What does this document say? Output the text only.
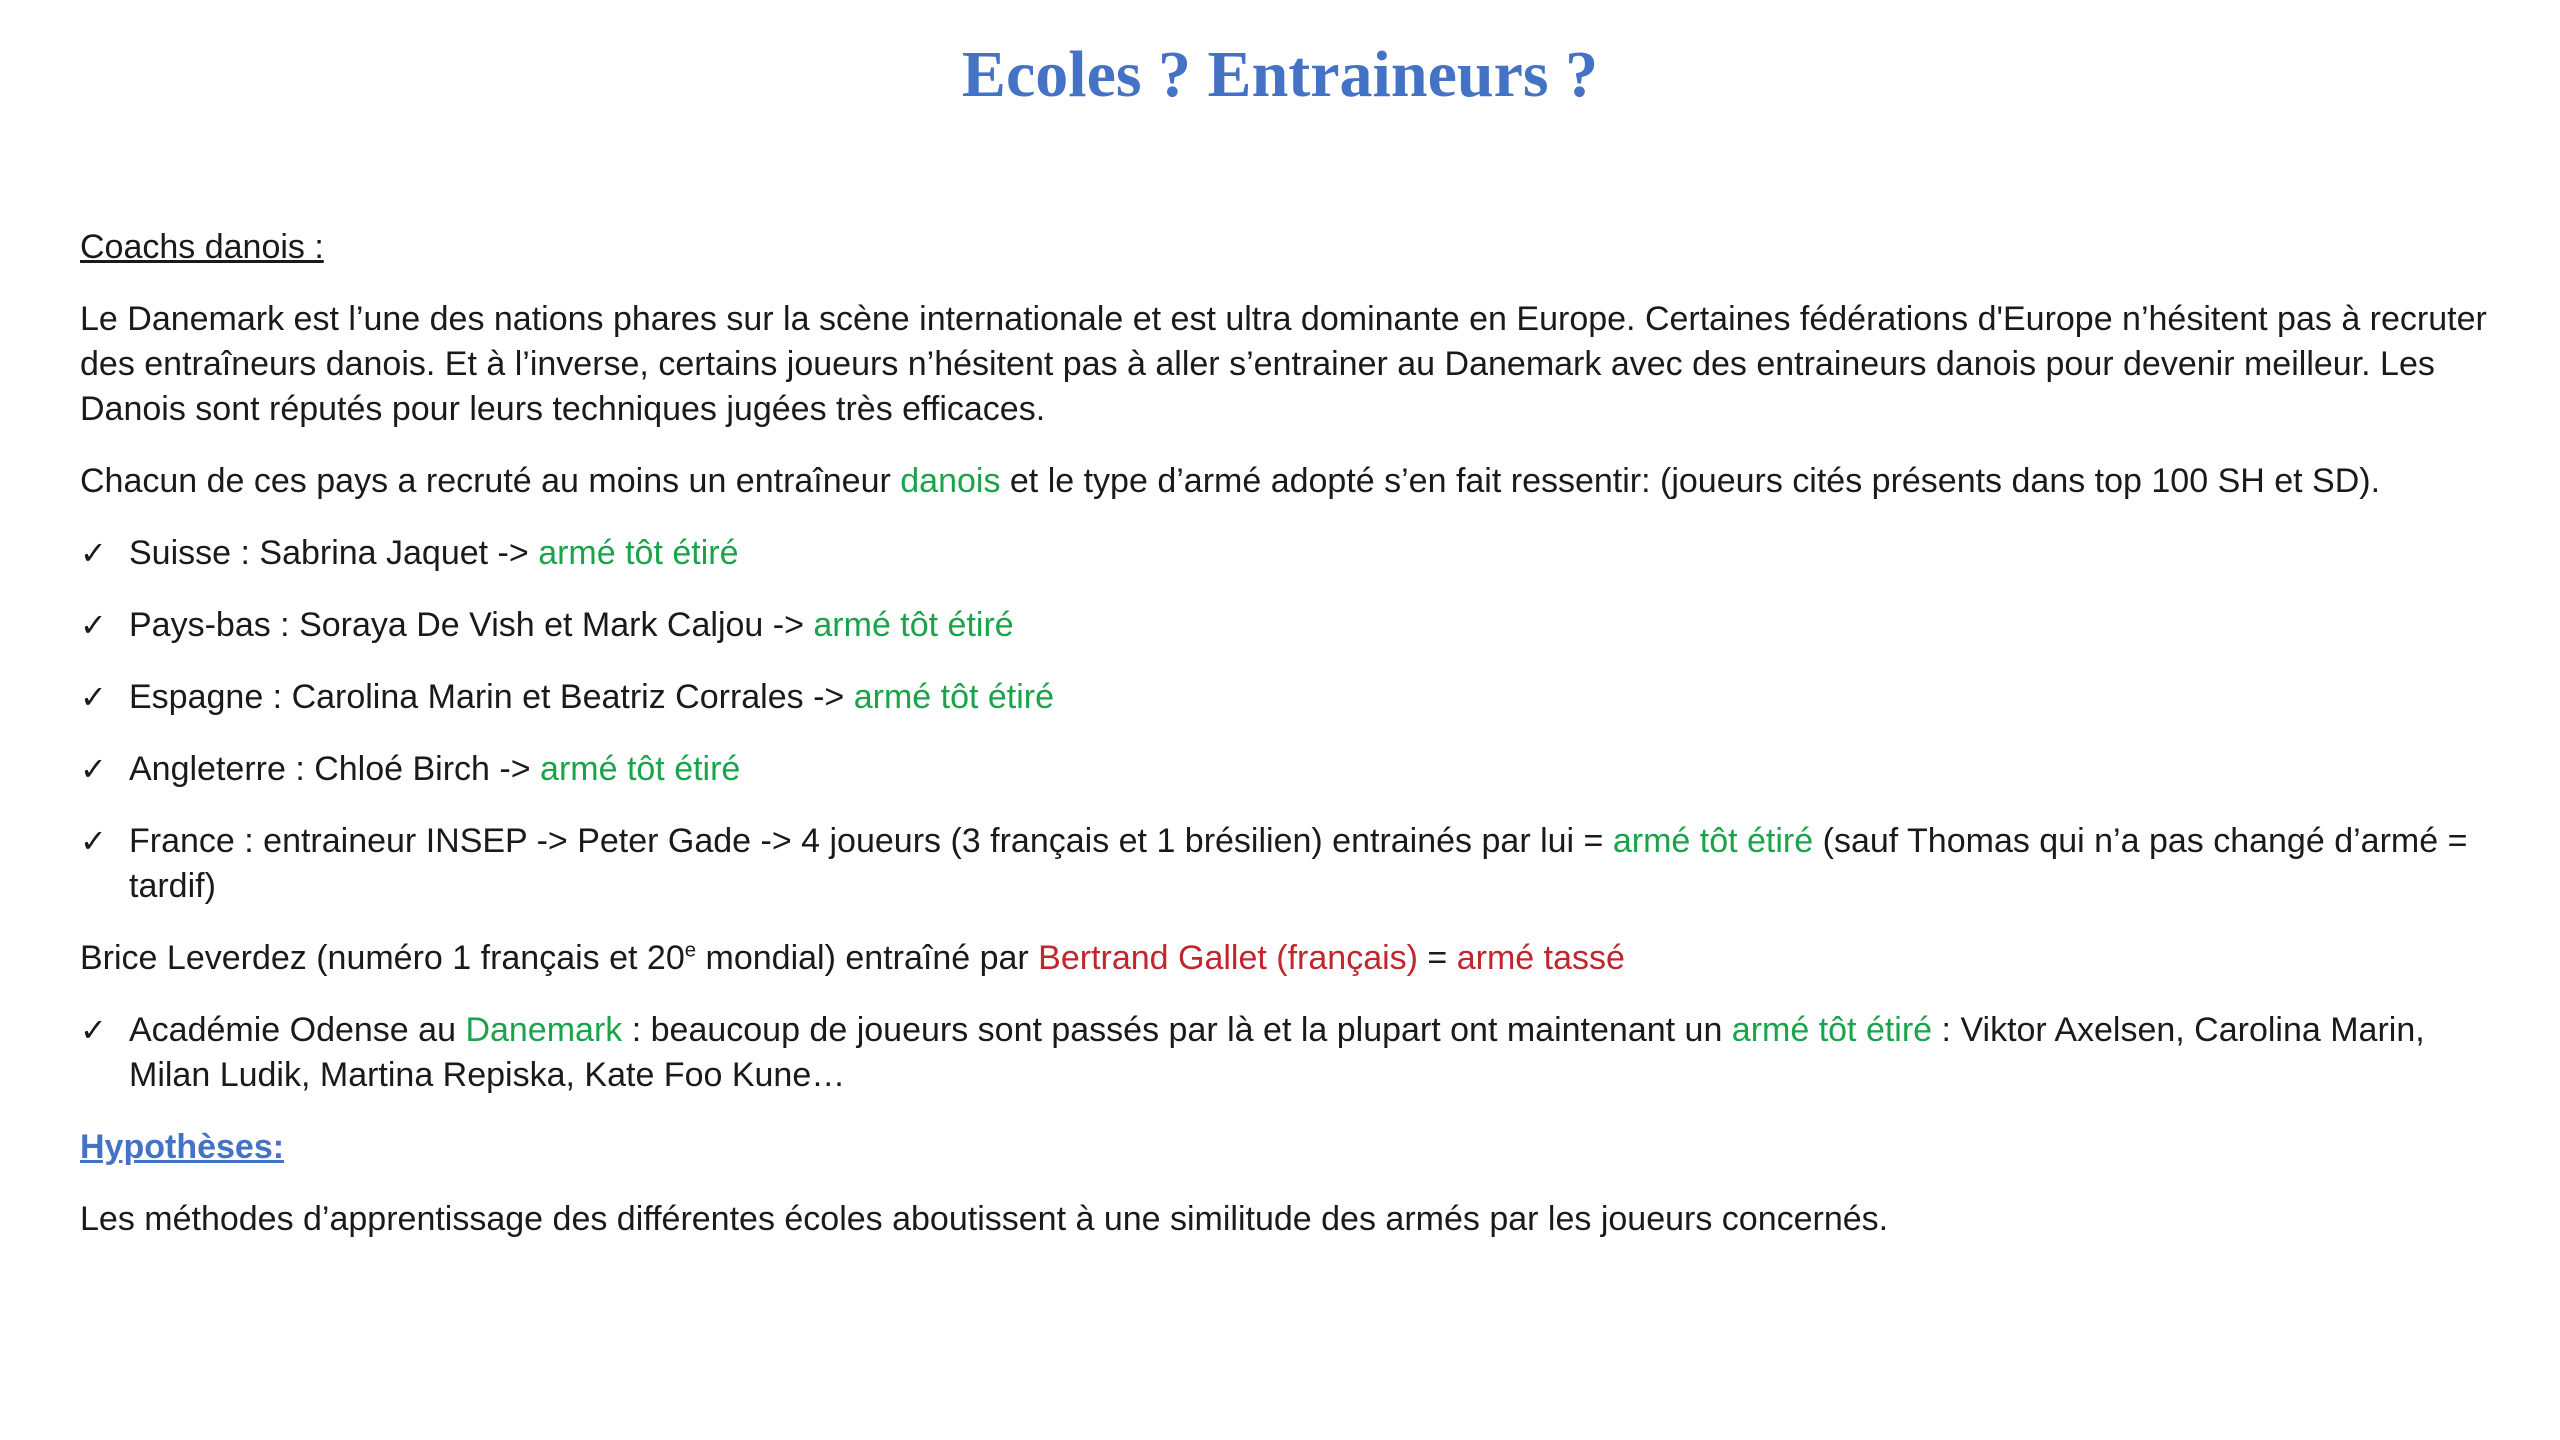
Ecoles ? Entraineurs ?
Coachs danois :
Le Danemark est l’une des nations phares sur la scène internationale et est ultra dominante en Europe. Certaines fédérations d'Europe n’hésitent pas à recruter des entraîneurs danois. Et à l’inverse, certains joueurs n’hésitent pas à aller s’entrainer au Danemark avec des entraineurs danois pour devenir meilleur. Les Danois sont réputés pour leurs techniques jugées très efficaces.
Chacun de ces pays a recruté au moins un entraîneur danois et le type d’armé adopté s’en fait ressentir: (joueurs cités présents dans top 100 SH et SD).
✓ Suisse : Sabrina Jaquet -> armé tôt étiré
✓ Pays-bas : Soraya De Vish et Mark Caljou -> armé tôt étiré
✓ Espagne : Carolina Marin et Beatriz Corrales -> armé tôt étiré
✓ Angleterre : Chloé Birch -> armé tôt étiré
✓ France : entraineur INSEP -> Peter Gade -> 4 joueurs (3 français et 1 brésilien) entrainés par lui = armé tôt étiré (sauf Thomas qui n’a pas changé d’armé = tardif)
Brice Leverdez (numéro 1 français et 20e mondial) entraîné par Bertrand Gallet (français) = armé tassé
✓ Académie Odense au Danemark : beaucoup de joueurs sont passés par là et la plupart ont maintenant un armé tôt étiré : Viktor Axelsen, Carolina Marin, Milan Ludik, Martina Repiska, Kate Foo Kune…
Hypothèses:
Les méthodes d’apprentissage des différentes écoles aboutissent à une similitude des armés par les joueurs concernés.
